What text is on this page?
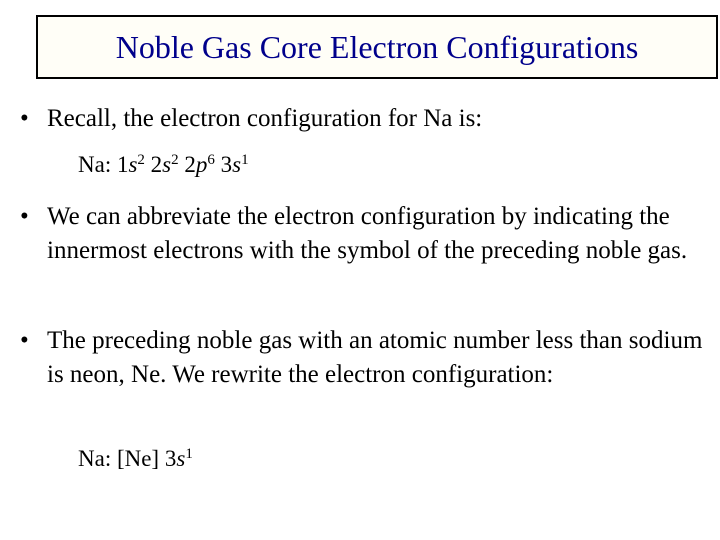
Noble Gas Core Electron Configurations
• Recall, the electron configuration for Na is:
Na: $1s^2$ $2s^2$ $2p^6$ $3s^1$
• We can abbreviate the electron configuration by indicating the innermost electrons with the symbol of the preceding noble gas.
• The preceding noble gas with an atomic number less than sodium is neon, Ne. We rewrite the electron configuration:
Na: [Ne] $3s^1$
